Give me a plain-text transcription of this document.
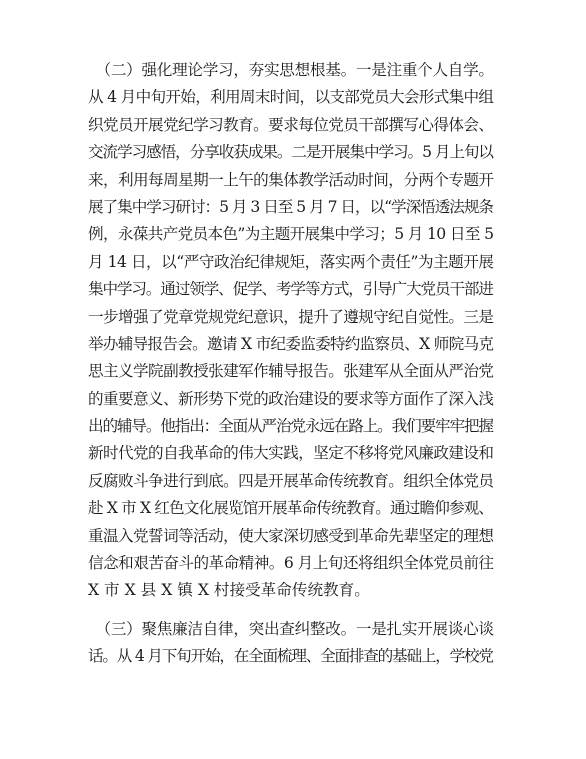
　（二）强化理论学习，夯实思想根基。一是注重个人自学。
从 4 月中旬开始，利用周末时间，以支部党员大会形式集中组
织党员开展党纪学习教育。要求每位党员干部撰写心得体会、
交流学习感悟，分享收获成果。二是开展集中学习。5 月上旬以
来，利用每周星期一上午的集体教学活动时间，分两个专题开
展了集中学习研讨：5 月 3 日至 5 月 7 日，以“学深悟透法规条
例，永葆共产党员本色”为主题开展集中学习；5 月 10 日至 5
月 14 日，以“严守政治纪律规矩，落实两个责任”为主题开展
集中学习。通过领学、促学、考学等方式，引导广大党员干部进
一步增强了党章党规党纪意识，提升了遵规守纪自觉性。三是
举办辅导报告会。邀请 X 市纪委监委特约监察员、X 师院马克
思主义学院副教授张建军作辅导报告。张建军从全面从严治党
的重要意义、新形势下党的政治建设的要求等方面作了深入浅
出的辅导。他指出：全面从严治党永远在路上。我们要牢牢把握
新时代党的自我革命的伟大实践，坚定不移将党风廉政建设和
反腐败斗争进行到底。四是开展革命传统教育。组织全体党员
赴 X 市 X 红色文化展览馆开展革命传统教育。通过瞻仰参观、
重温入党誓词等活动，使大家深切感受到革命先辈坚定的理想
信念和艰苦奋斗的革命精神。6 月上旬还将组织全体党员前往
X 市 X 县 X 镇 X 村接受革命传统教育。
　（三）聚焦廉洁自律，突出查纠整改。一是扎实开展谈心谈
话。从 4 月下旬开始，在全面梳理、全面排查的基础上，学校党
